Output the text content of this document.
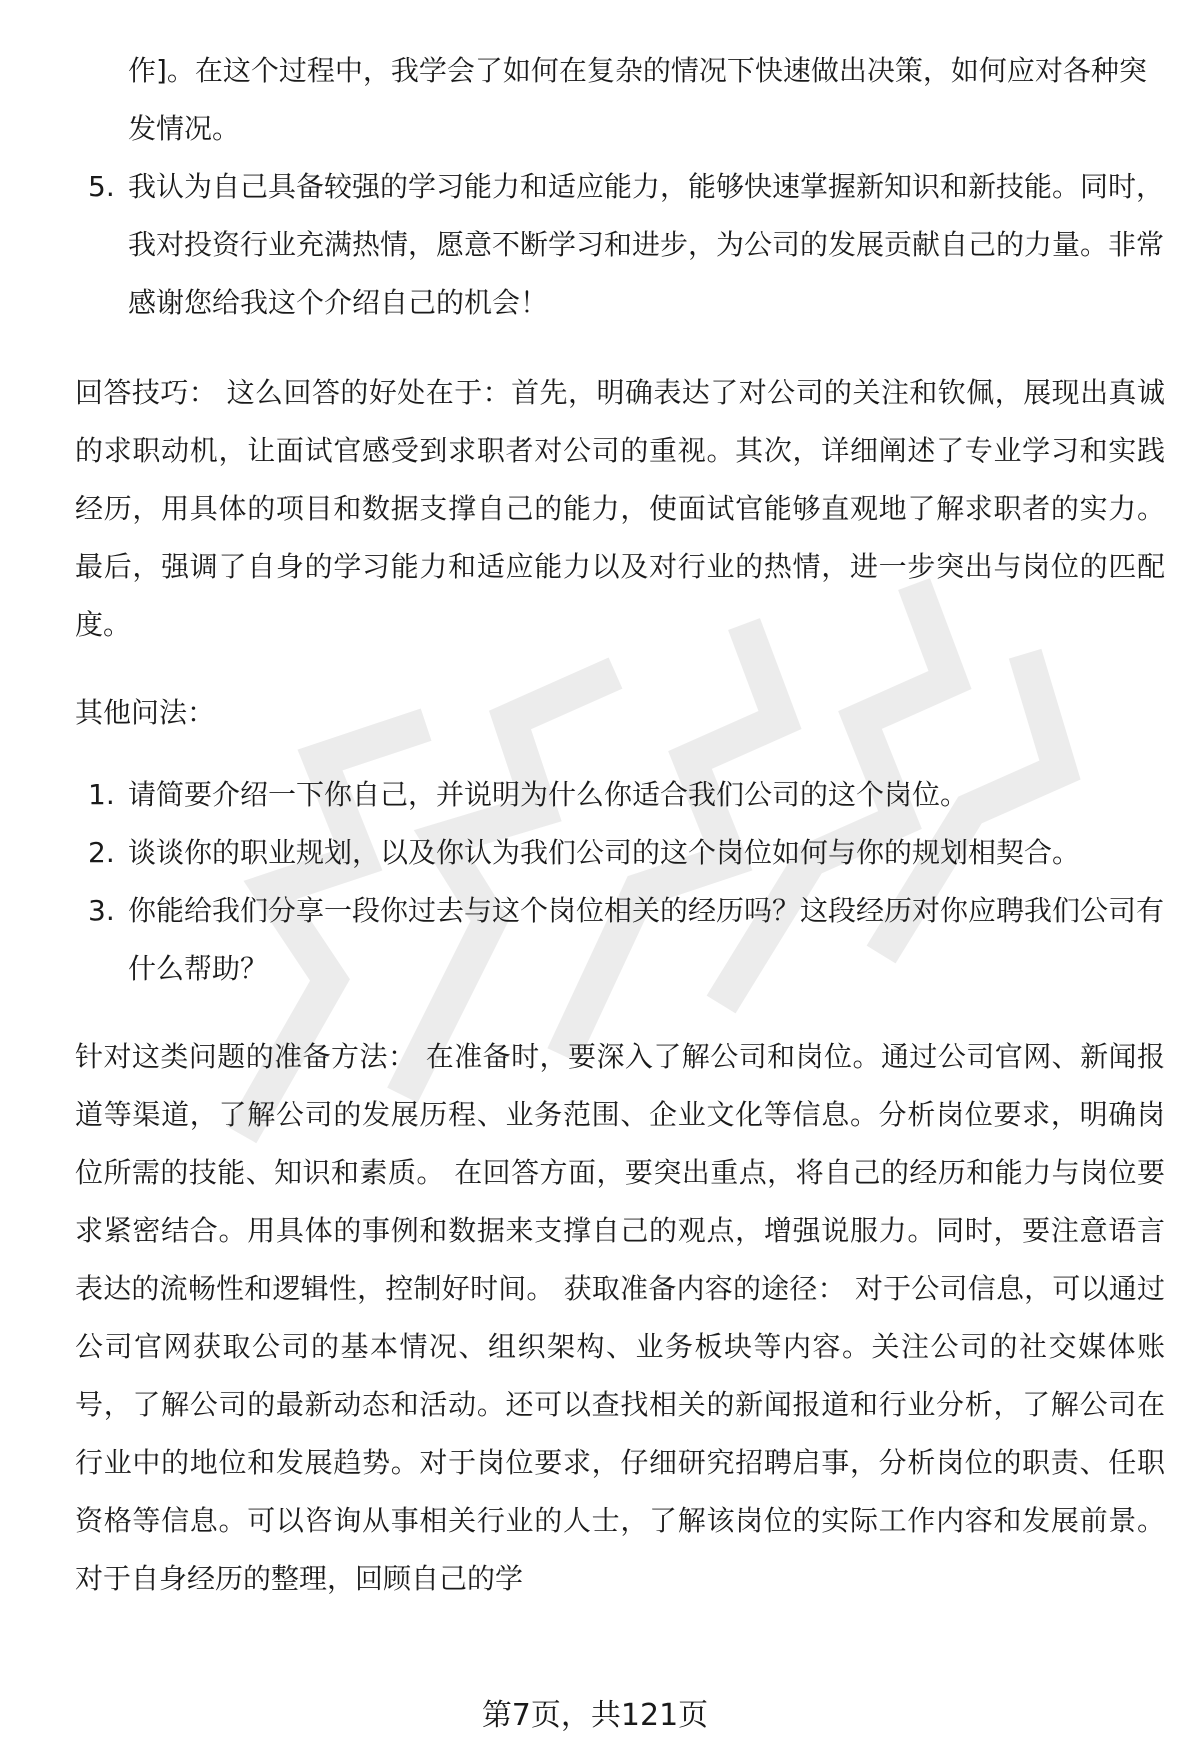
作]。在这个过程中，我学会了如何在复杂的情况下快速做出决策，如何应对各种突发情况。
5. 我认为自己具备较强的学习能力和适应能力，能够快速掌握新知识和新技能。同时，我对投资行业充满热情，愿意不断学习和进步，为公司的发展贡献自己的力量。非常感谢您给我这个介绍自己的机会！

回答技巧： 这么回答的好处在于：首先，明确表达了对公司的关注和钦佩，展现出真诚的求职动机，让面试官感受到求职者对公司的重视。其次，详细阐述了专业学习和实践经历，用具体的项目和数据支撑自己的能力，使面试官能够直观地了解求职者的实力。最后，强调了自身的学习能力和适应能力以及对行业的热情，进一步突出与岗位的匹配度。

其他问法：

1. 请简要介绍一下你自己，并说明为什么你适合我们公司的这个岗位。
2. 谈谈你的职业规划，以及你认为我们公司的这个岗位如何与你的规划相契合。
3. 你能给我们分享一段你过去与这个岗位相关的经历吗？这段经历对你应聘我们公司有什么帮助？

针对这类问题的准备方法： 在准备时，要深入了解公司和岗位。通过公司官网、新闻报道等渠道，了解公司的发展历程、业务范围、企业文化等信息。分析岗位要求，明确岗位所需的技能、知识和素质。 在回答方面，要突出重点，将自己的经历和能力与岗位要求紧密结合。用具体的事例和数据来支撑自己的观点，增强说服力。同时，要注意语言表达的流畅性和逻辑性，控制好时间。 获取准备内容的途径： 对于公司信息，可以通过公司官网获取公司的基本情况、组织架构、业务板块等内容。关注公司的社交媒体账号，了解公司的最新动态和活动。还可以查找相关的新闻报道和行业分析，了解公司在行业中的地位和发展趋势。对于岗位要求，仔细研究招聘启事，分析岗位的职责、任职资格等信息。可以咨询从事相关行业的人士，了解该岗位的实际工作内容和发展前景。对于自身经历的整理，回顾自己的学

第7页，共121页
